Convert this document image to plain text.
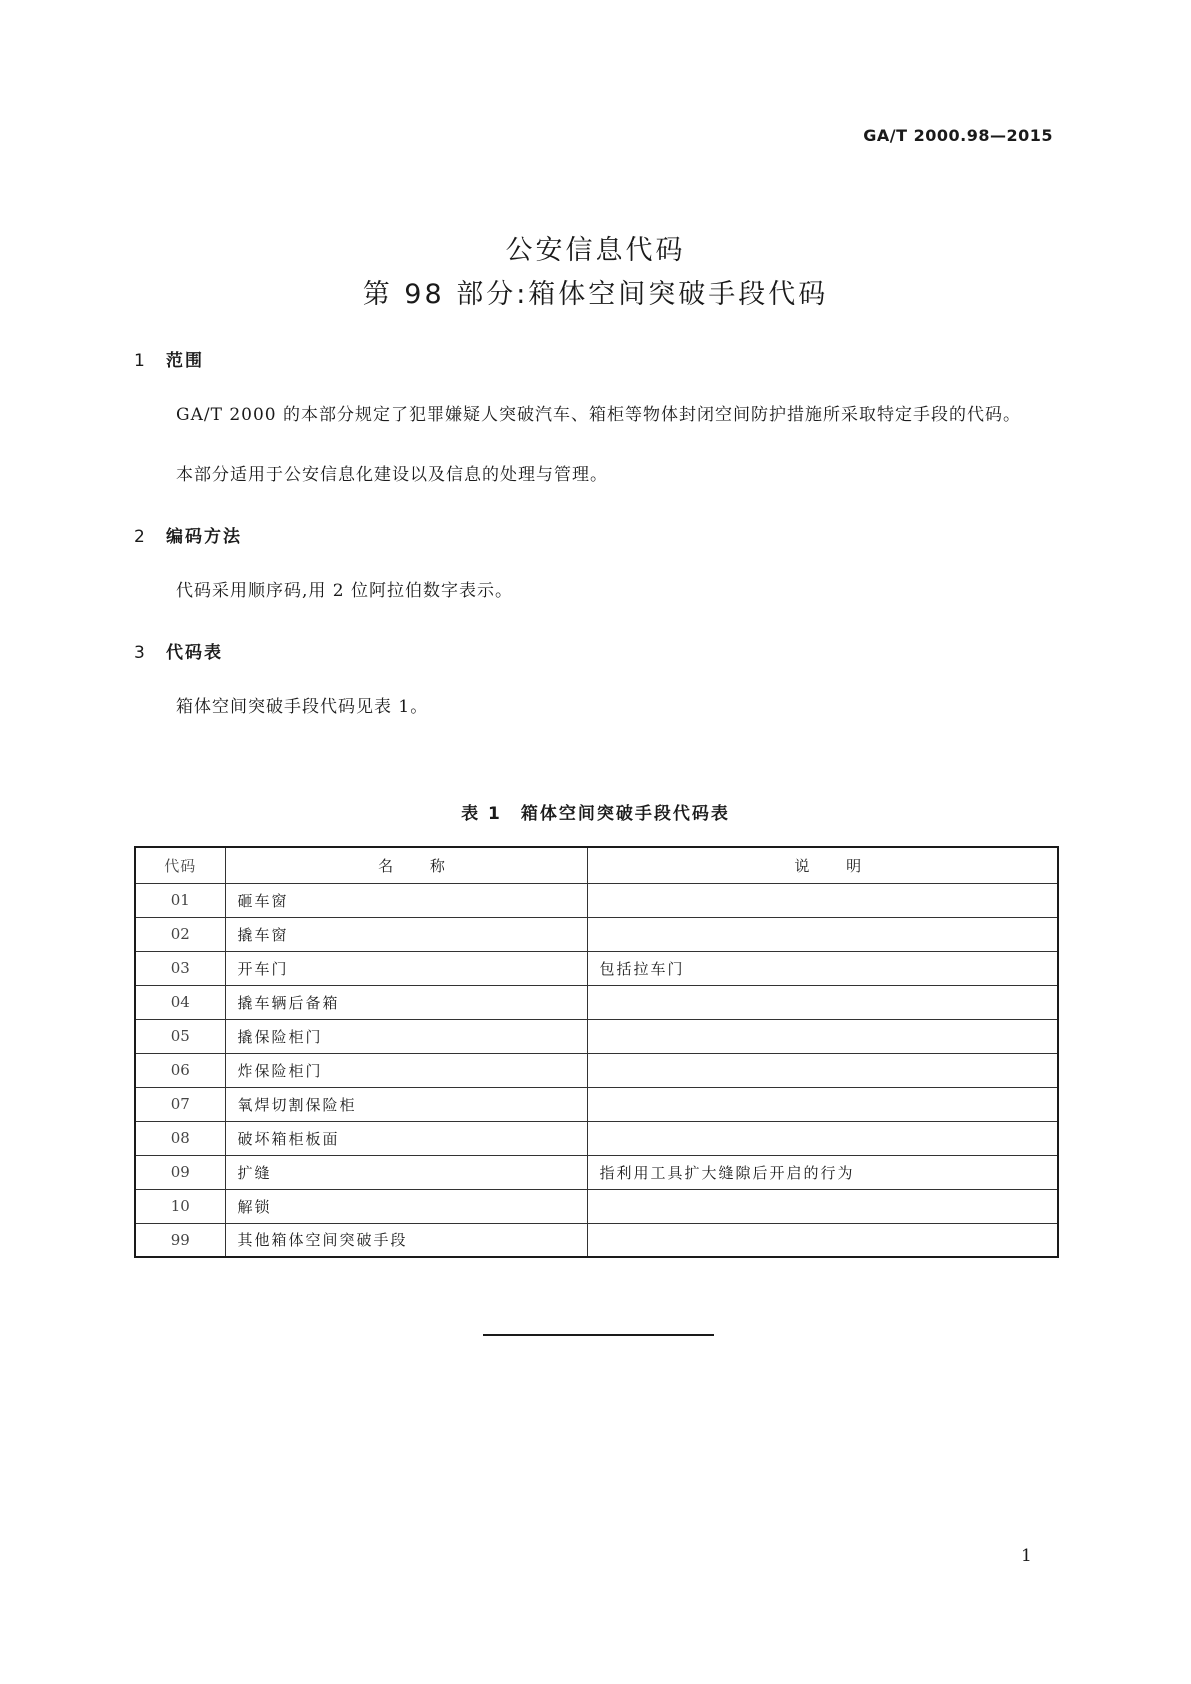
GA/T 2000.98—2015
公安信息代码
第 98 部分:箱体空间突破手段代码
1 范围
GA/T 2000 的本部分规定了犯罪嫌疑人突破汽车、箱柜等物体封闭空间防护措施所采取特定手段的代码。
本部分适用于公安信息化建设以及信息的处理与管理。
2 编码方法
代码采用顺序码,用 2 位阿拉伯数字表示。
3 代码表
箱体空间突破手段代码见表 1。
表 1　箱体空间突破手段代码表
代码	名 称	说 明
01	砸车窗	
02	撬车窗	
03	开车门	包括拉车门
04	撬车辆后备箱	
05	撬保险柜门	
06	炸保险柜门	
07	氧焊切割保险柜	
08	破坏箱柜板面	
09	扩缝	指利用工具扩大缝隙后开启的行为
10	解锁	
99	其他箱体空间突破手段	
1
